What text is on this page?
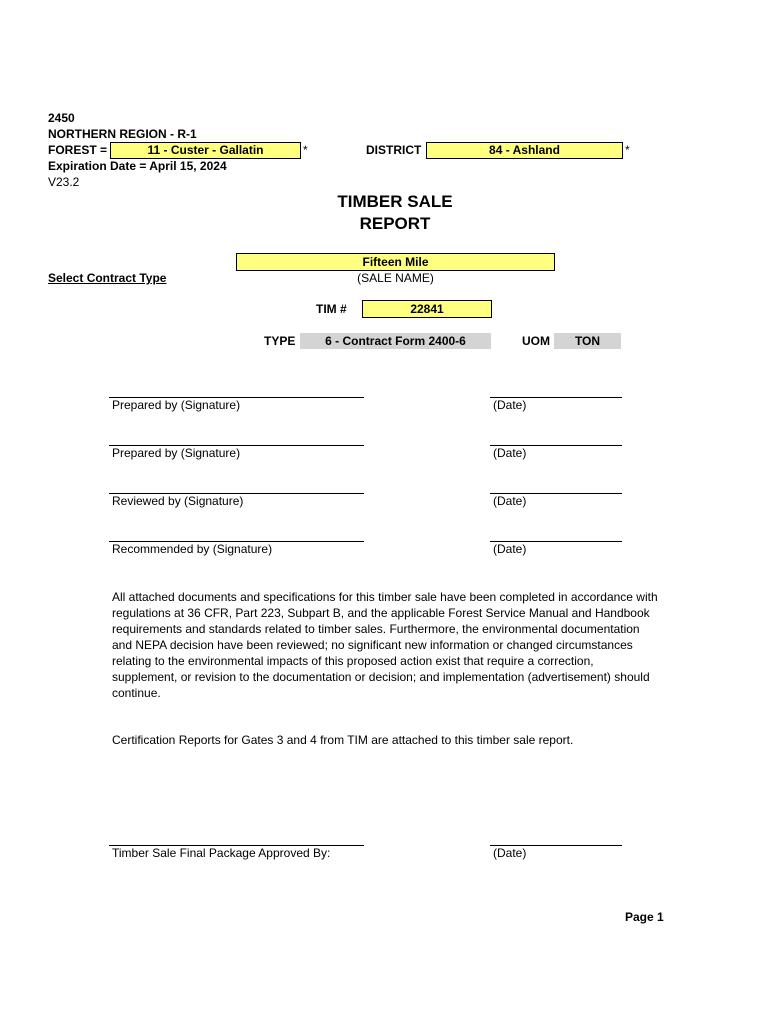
2450
NORTHERN REGION - R-1
FOREST =	11 - Custer - Gallatin	*	DISTRICT	84 - Ashland	*
Expiration Date = April 15, 2024
V23.2
TIMBER SALE
REPORT
Fifteen Mile
(SALE NAME)
Select Contract Type
TIM #	22841
TYPE	6 - Contract Form 2400-6	UOM	TON
Prepared by (Signature)	(Date)
Prepared by (Signature)	(Date)
Reviewed by (Signature)	(Date)
Recommended by (Signature)	(Date)
All attached documents and specifications for this timber sale have been completed in accordance with
regulations at 36 CFR, Part 223, Subpart B, and the applicable Forest Service Manual and Handbook
requirements and standards related to timber sales. Furthermore, the environmental documentation
and NEPA decision have been reviewed; no significant new information or changed circumstances
relating to the environmental impacts of this proposed action exist that require a correction,
supplement, or revision to the documentation or decision; and implementation (advertisement) should
continue.
Certification Reports for Gates 3 and 4 from TIM are attached to this timber sale report.
Timber Sale Final Package Approved By:	(Date)
Page 1
